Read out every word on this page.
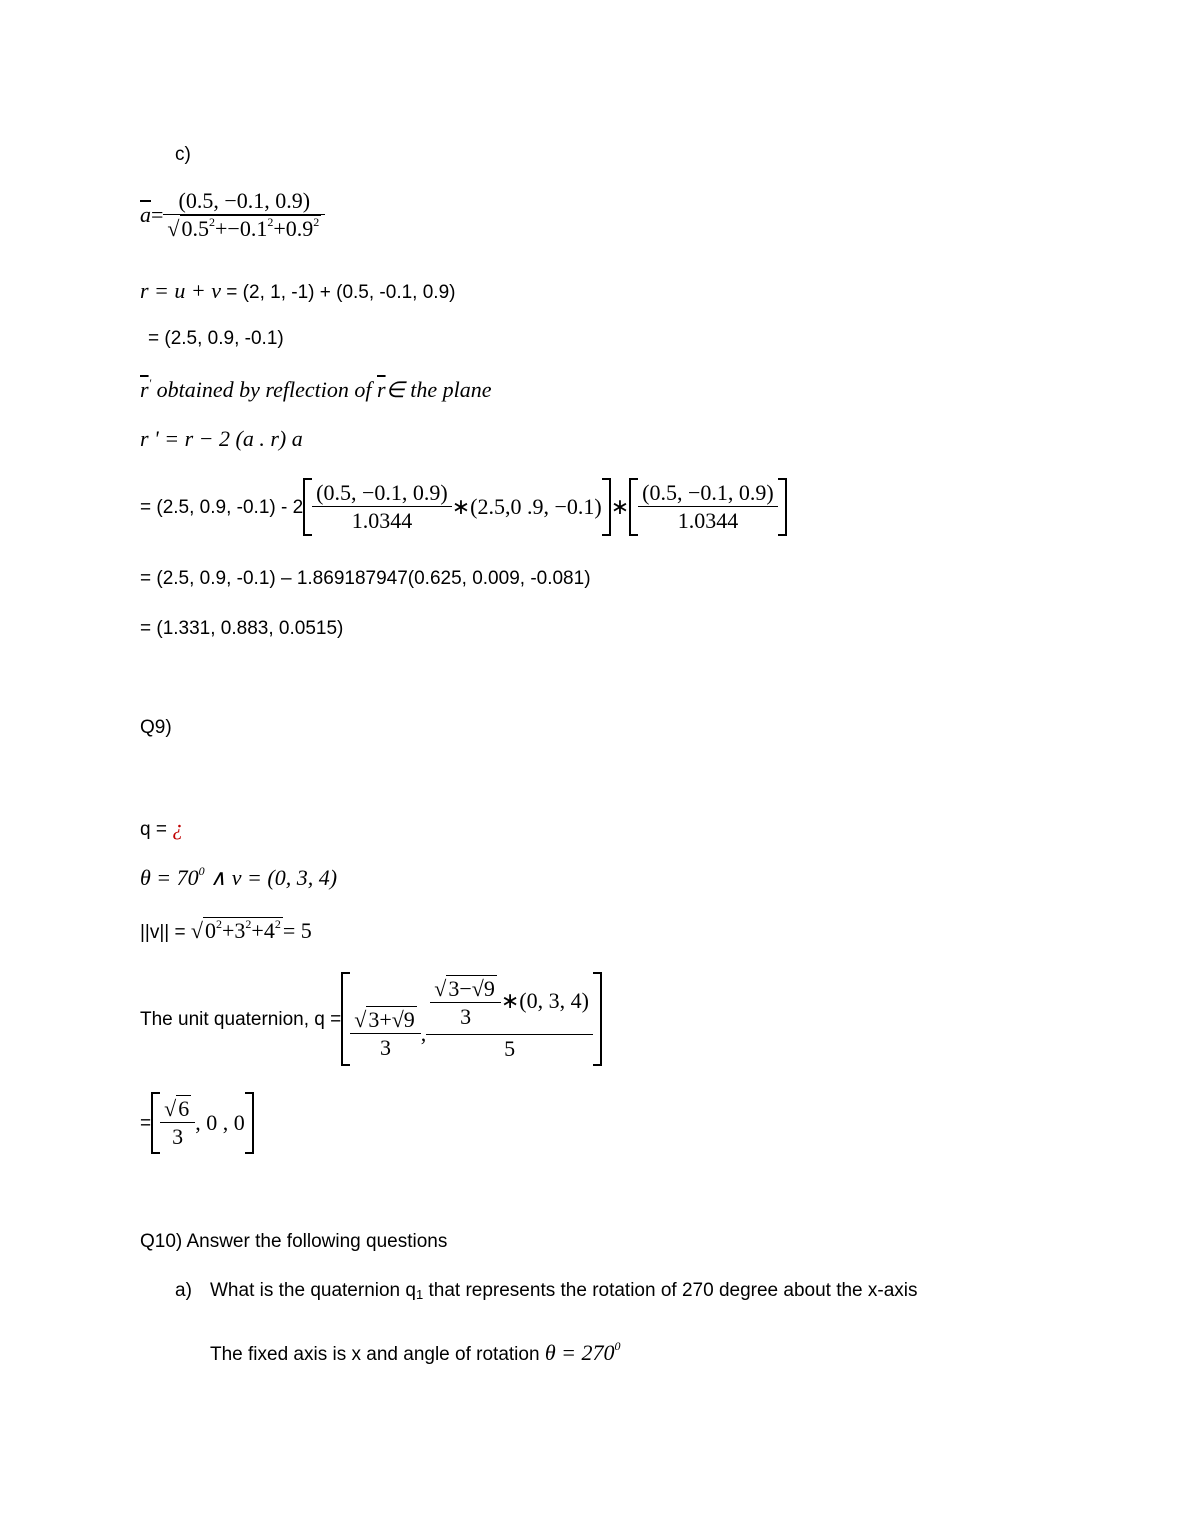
c)
$\overline{a} = \frac{(0.5, -0.1, 0.9)}{√0.5^2+-0.1^2+0.9^2}$
r = u + v = (2, 1, -1) + (0.5, -0.1, 0.9)
= (2.5, 0.9, -0.1)
$\overline{r}'$ obtained by reflection of $\overline{r}\in$ the plane
r ' = r − 2 (a . r) a
= (2.5, 0.9, $-0.1) - 2 \frac{(0.5, -0.1, 0.9)}{1.0344}$ ∗ (2.5,0 .9, −0.1) ∗ $\frac{(0.5, -0.1, 0.9)}{1.0344}$
= (2.5, 0.9, -0.1) – 1.869187947(0.625, 0.009, -0.081)
= (1.331, 0.883, 0.0515)
Q9)
q = ¿
$\theta = 70^0$ ∧ v = (0, 3, 4)
$||v|| = √0^2+3^2+4^2= 5$
The unit quaternion, $q = \frac{√3+√9}{3}$ , $\frac{\frac{√3-√9}{3} ∗(0, 3, 4)}{5}$
= $\frac{√6}{3}$ , 0 , 0
Q10) Answer the following questions
a) What is the quaternion $q_1$ that represents the rotation of 270 degree about the x-axis
The fixed axis is x and angle of rotation $\theta = 270^0$
